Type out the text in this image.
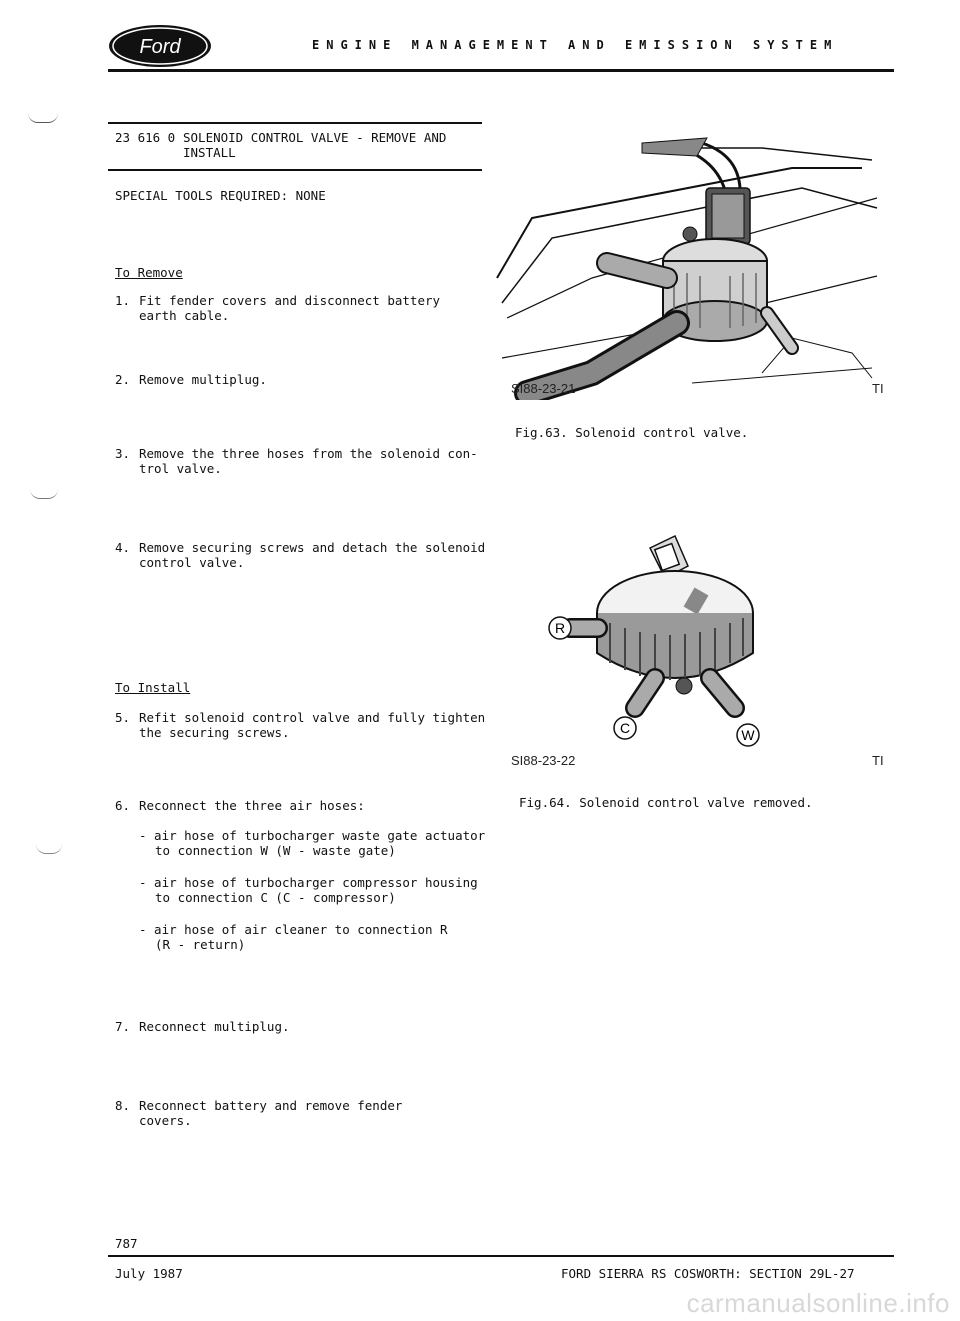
Ford	ENGINE MANAGEMENT AND EMISSION SYSTEM
23 616 0 SOLENOID CONTROL VALVE - REMOVE AND
INSTALL
SPECIAL TOOLS REQUIRED: NONE
To Remove
1. Fit fender covers and disconnect battery
earth cable.
2. Remove multiplug.
3. Remove the three hoses from the solenoid con-
trol valve.
4. Remove securing screws and detach the solenoid
control valve.
To Install
5. Refit solenoid control valve and fully tighten
the securing screws.
6. Reconnect the three air hoses:
- air hose of turbocharger waste gate actuator
to connection W (W - waste gate)
- air hose of turbocharger compressor housing
to connection C (C - compressor)
- air hose of air cleaner to connection R
(R - return)
7. Reconnect multiplug.
8. Reconnect battery and remove fender
covers.
SI88-23-21	TI
Fig.63. Solenoid control valve.
R
C	W
SI88-23-22	TI
Fig.64. Solenoid control valve removed.
787
July 1987	FORD SIERRA RS COSWORTH: SECTION 29L-27
carmanualsonline.info
